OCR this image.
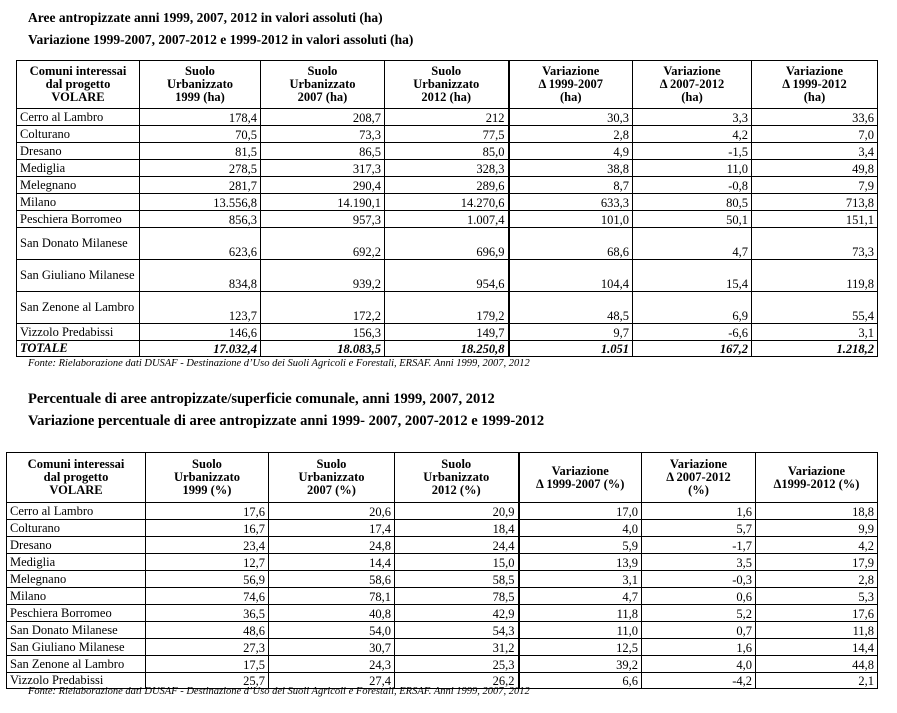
Aree antropizzate anni 1999, 2007, 2012 in valori assoluti (ha)
Variazione 1999-2007, 2007-2012 e 1999-2012 in valori assoluti (ha)
Comuni interessai
dal progetto
VOLARE	Suolo
Urbanizzato
1999 (ha)	Suolo
Urbanizzato
2007 (ha)	Suolo
Urbanizzato
2012 (ha)	Variazione
Δ 1999-2007
(ha)	Variazione
Δ 2007-2012
(ha)	Variazione
Δ 1999-2012
(ha)

Cerro al Lambro	178,4	208,7	212	30,3	3,3	33,6
Colturano	70,5	73,3	77,5	2,8	4,2	7,0
Dresano	81,5	86,5	85,0	4,9	-1,5	3,4
Mediglia	278,5	317,3	328,3	38,8	11,0	49,8
Melegnano	281,7	290,4	289,6	8,7	-0,8	7,9
Milano	13.556,8	14.190,1	14.270,6	633,3	80,5	713,8
Peschiera Borromeo	856,3	957,3	1.007,4	101,0	50,1	151,1
San Donato Milanese	623,6	692,2	696,9	68,6	4,7	73,3
San Giuliano Milanese	834,8	939,2	954,6	104,4	15,4	119,8
San Zenone al Lambro	123,7	172,2	179,2	48,5	6,9	55,4
Vizzolo Predabissi	146,6	156,3	149,7	9,7	-6,6	3,1
TOTALE	17.032,4	18.083,5	18.250,8	1.051	167,2	1.218,2
Fonte: Rielaborazione dati DUSAF - Destinazione d’Uso dei Suoli Agricoli e Forestali, ERSAF. Anni 1999, 2007, 2012
Percentuale di aree antropizzate/superficie comunale, anni 1999, 2007, 2012
Variazione percentuale di aree antropizzate anni 1999- 2007, 2007-2012 e 1999-2012
Comuni interessai
dal progetto
VOLARE	Suolo
Urbanizzato
1999 (%)	Suolo
Urbanizzato
2007 (%)	Suolo
Urbanizzato
2012 (%)	Variazione
Δ 1999-2007 (%)	Variazione
Δ 2007-2012
(%)	Variazione
Δ1999-2012 (%)

Cerro al Lambro	17,6	20,6	20,9	17,0	1,6	18,8
Colturano	16,7	17,4	18,4	4,0	5,7	9,9
Dresano	23,4	24,8	24,4	5,9	-1,7	4,2
Mediglia	12,7	14,4	15,0	13,9	3,5	17,9
Melegnano	56,9	58,6	58,5	3,1	-0,3	2,8
Milano	74,6	78,1	78,5	4,7	0,6	5,3
Peschiera Borromeo	36,5	40,8	42,9	11,8	5,2	17,6
San Donato Milanese	48,6	54,0	54,3	11,0	0,7	11,8
San Giuliano Milanese	27,3	30,7	31,2	12,5	1,6	14,4
San Zenone al Lambro	17,5	24,3	25,3	39,2	4,0	44,8
Vizzolo Predabissi	25,7	27,4	26,2	6,6	-4,2	2,1
Fonte: Rielaborazione dati DUSAF - Destinazione d’Uso dei Suoli Agricoli e Forestali, ERSAF. Anni 1999, 2007, 2012
